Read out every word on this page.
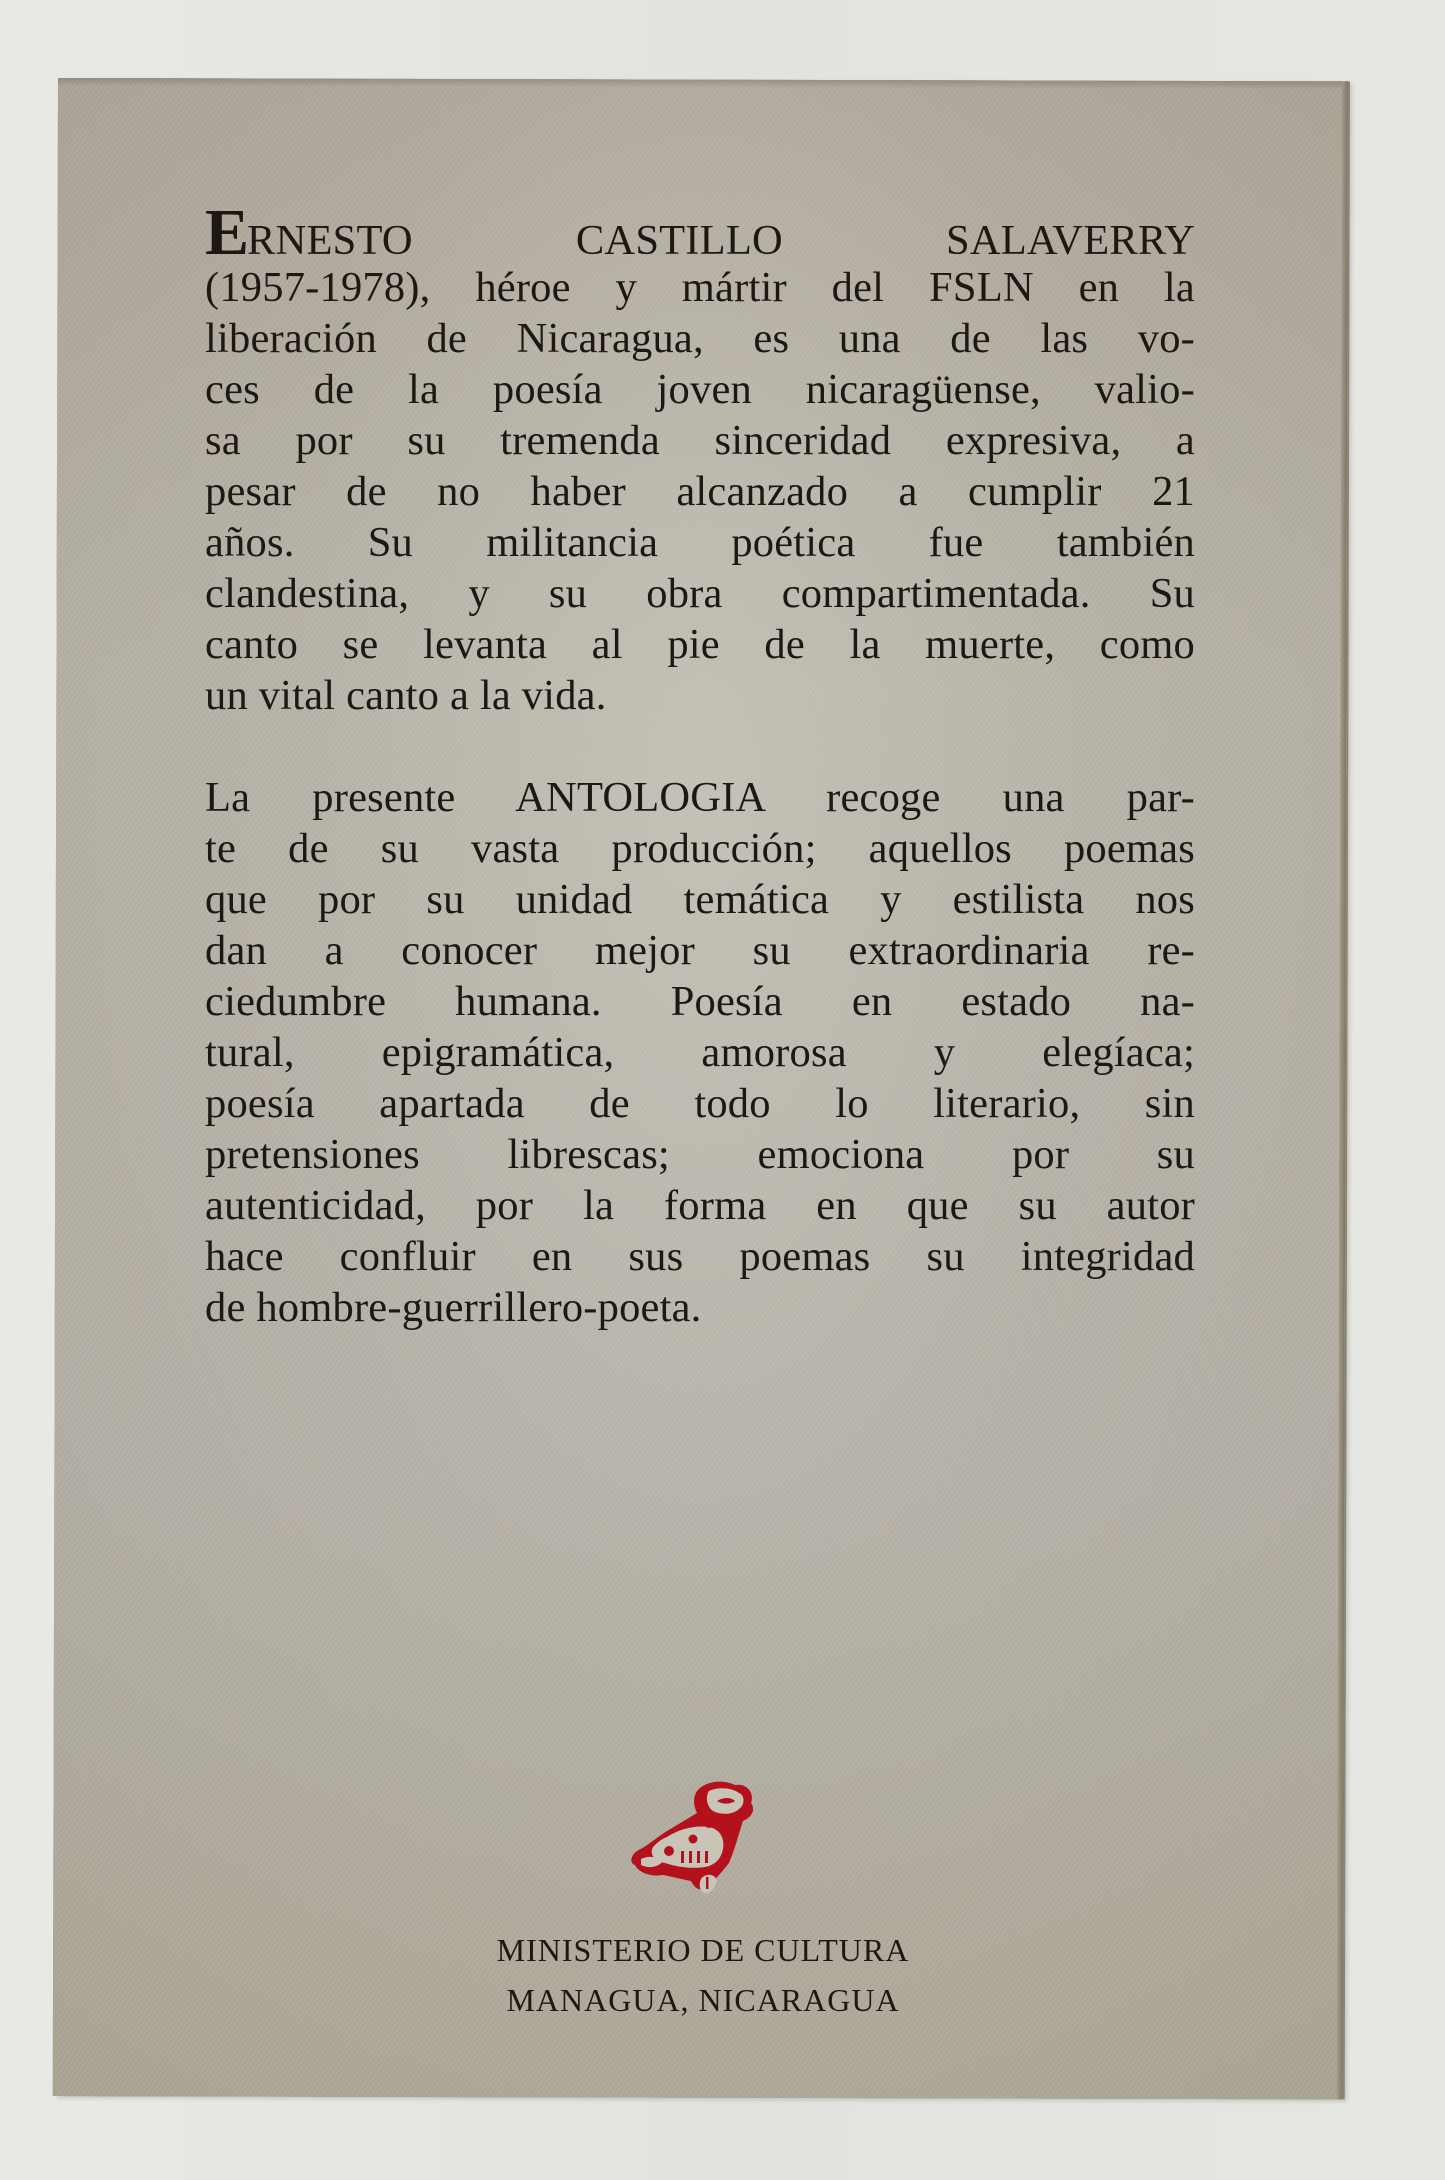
ERNESTO CASTILLO SALAVERRY
(1957-1978), héroe y mártir del FSLN en la
liberación de Nicaragua, es una de las vo-
ces de la poesía joven nicaragüense, valio-
sa por su tremenda sinceridad expresiva, a
pesar de no haber alcanzado a cumplir 21
años. Su militancia poética fue también
clandestina, y su obra compartimentada. Su
canto se levanta al pie de la muerte, como
un vital canto a la vida.
La presente ANTOLOGIA recoge una par-
te de su vasta producción; aquellos poemas
que por su unidad temática y estilista nos
dan a conocer mejor su extraordinaria re-
ciedumbre humana. Poesía en estado na-
tural, epigramática, amorosa y elegíaca;
poesía apartada de todo lo literario, sin
pretensiones librescas; emociona por su
autenticidad, por la forma en que su autor
hace confluir en sus poemas su integridad
de hombre-guerrillero-poeta.
MINISTERIO DE CULTURA
MANAGUA, NICARAGUA
